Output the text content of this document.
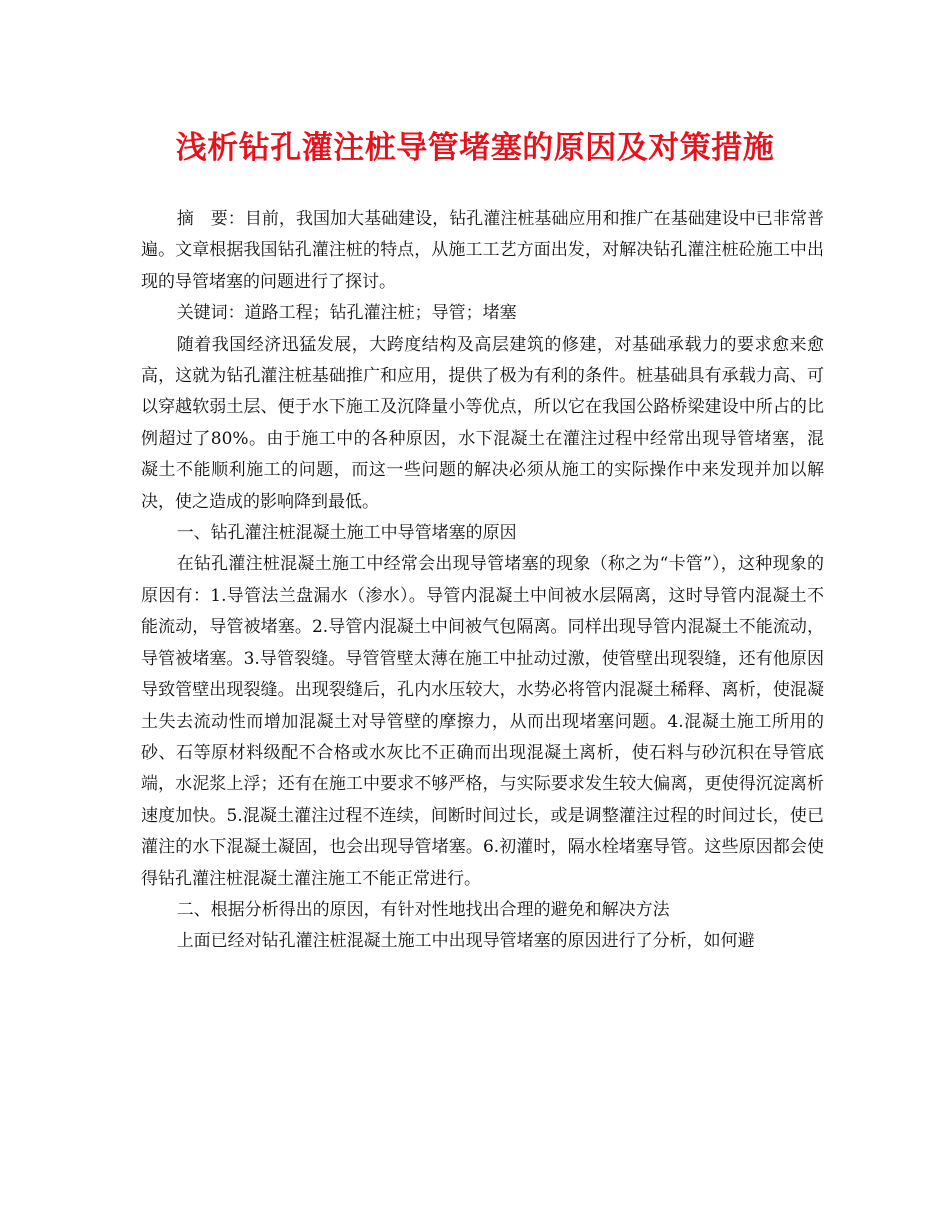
浅析钻孔灌注桩导管堵塞的原因及对策措施

摘　要：目前，我国加大基础建设，钻孔灌注桩基础应用和推广在基础建设中已非常普遍。文章根据我国钻孔灌注桩的特点，从施工工艺方面出发，对解决钻孔灌注桩砼施工中出现的导管堵塞的问题进行了探讨。

关键词：道路工程；钻孔灌注桩；导管；堵塞

随着我国经济迅猛发展，大跨度结构及高层建筑的修建，对基础承载力的要求愈来愈高，这就为钻孔灌注桩基础推广和应用，提供了极为有利的条件。桩基础具有承载力高、可以穿越软弱土层、便于水下施工及沉降量小等优点，所以它在我国公路桥梁建设中所占的比例超过了80%。由于施工中的各种原因，水下混凝土在灌注过程中经常出现导管堵塞，混凝土不能顺利施工的问题，而这一些问题的解决必须从施工的实际操作中来发现并加以解决，使之造成的影响降到最低。

一、钻孔灌注桩混凝土施工中导管堵塞的原因

在钻孔灌注桩混凝土施工中经常会出现导管堵塞的现象（称之为“卡管”），这种现象的原因有：1.导管法兰盘漏水（渗水）。导管内混凝土中间被水层隔离，这时导管内混凝土不能流动，导管被堵塞。2.导管内混凝土中间被气包隔离。同样出现导管内混凝土不能流动，导管被堵塞。3.导管裂缝。导管管壁太薄在施工中扯动过激，使管壁出现裂缝，还有他原因导致管壁出现裂缝。出现裂缝后，孔内水压较大，水势必将管内混凝土稀释、离析，使混凝土失去流动性而增加混凝土对导管壁的摩擦力，从而出现堵塞问题。4.混凝土施工所用的砂、石等原材料级配不合格或水灰比不正确而出现混凝土离析，使石料与砂沉积在导管底端，水泥浆上浮；还有在施工中要求不够严格，与实际要求发生较大偏离，更使得沉淀离析速度加快。5.混凝土灌注过程不连续，间断时间过长，或是调整灌注过程的时间过长，使已灌注的水下混凝土凝固，也会出现导管堵塞。6.初灌时，隔水栓堵塞导管。这些原因都会使得钻孔灌注桩混凝土灌注施工不能正常进行。

二、根据分析得出的原因，有针对性地找出合理的避免和解决方法

上面已经对钻孔灌注桩混凝土施工中出现导管堵塞的原因进行了分析，如何避
